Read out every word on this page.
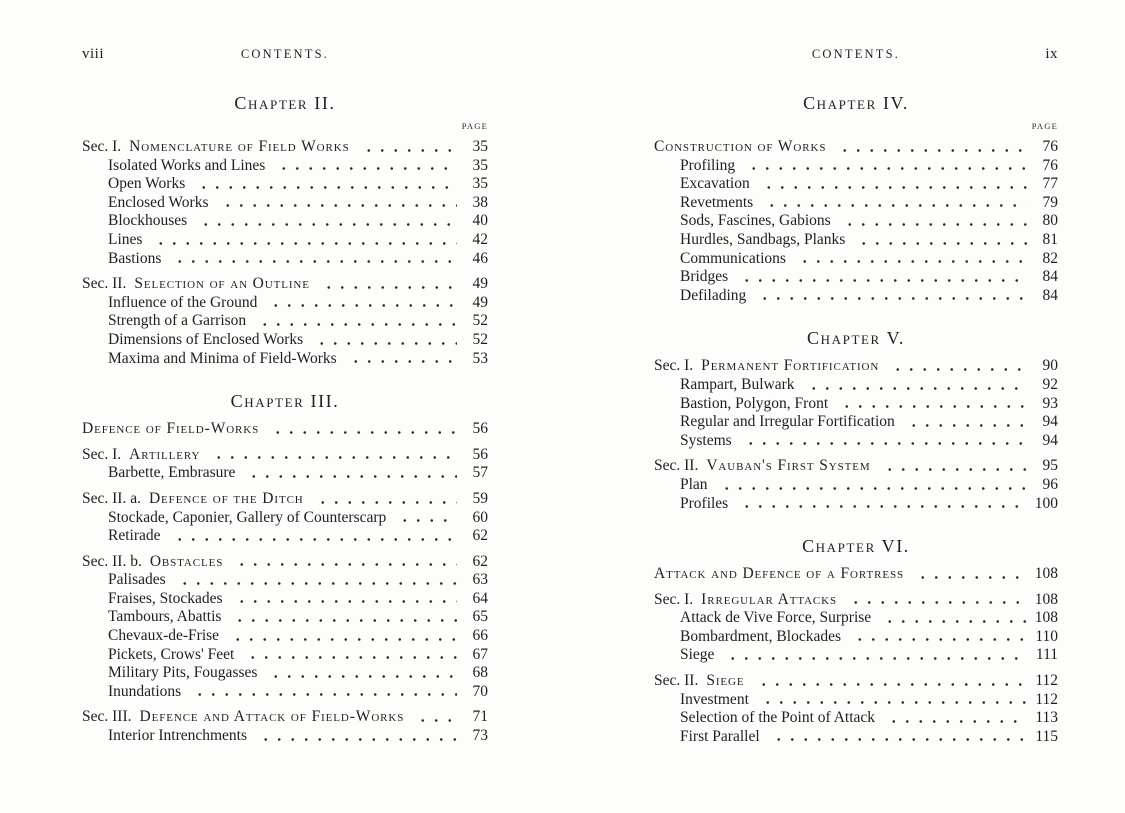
viii	CONTENTS.
Chapter II.
PAGE
Sec. I. Nomenclature of Field Works	35
Isolated Works and Lines	35
Open Works	35
Enclosed Works	38
Blockhouses	40
Lines	42
Bastions	46
Sec. II. Selection of an Outline	49
Influence of the Ground	49
Strength of a Garrison	52
Dimensions of Enclosed Works	52
Maxima and Minima of Field-Works	53
Chapter III.
Defence of Field-Works	56
Sec. I. Artillery	56
Barbette, Embrasure	57
Sec. II. a. Defence of the Ditch	59
Stockade, Caponier, Gallery of Counterscarp	60
Retirade	62
Sec. II. b. Obstacles	62
Palisades	63
Fraises, Stockades	64
Tambours, Abattis	65
Chevaux-de-Frise	66
Pickets, Crows' Feet	67
Military Pits, Fougasses	68
Inundations	70
Sec. III. Defence and Attack of Field-Works	71
Interior Intrenchments	73
CONTENTS.	ix
Chapter IV.
PAGE
Construction of Works	76
Profiling	76
Excavation	77
Revetments	79
Sods, Fascines, Gabions	80
Hurdles, Sandbags, Planks	81
Communications	82
Bridges	84
Defilading	84
Chapter V.
Sec. I. Permanent Fortification	90
Rampart, Bulwark	92
Bastion, Polygon, Front	93
Regular and Irregular Fortification	94
Systems	94
Sec. II. Vauban's First System	95
Plan	96
Profiles	100
Chapter VI.
Attack and Defence of a Fortress	108
Sec. I. Irregular Attacks	108
Attack de Vive Force, Surprise	108
Bombardment, Blockades	110
Siege	111
Sec. II. Siege	112
Investment	112
Selection of the Point of Attack	113
First Parallel	115
